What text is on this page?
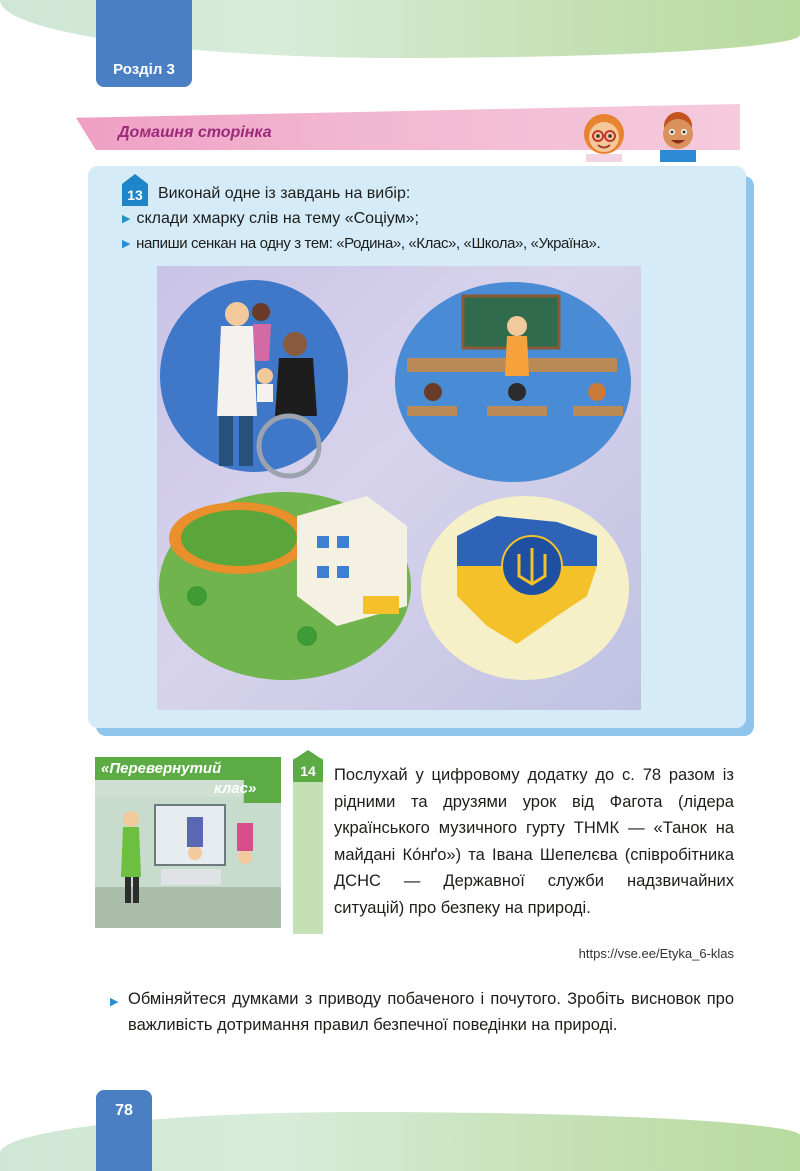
Розділ 3
Домашня сторінка
13 Виконай одне із завдань на вибір:
▶ склади хмарку слів на тему «Соціум»;
▶ напиши сенкан на одну з тем: «Родина», «Клас», «Школа», «Україна».
«Перевернутий
клас»
14	Послухай у цифровому додатку до с. 78 разом із рідними та друзями урок від Фагота (лідера українського музичного гурту ТНМК — «Танок на майдані Ко́нґо») та Івана Шепелєва (співробітника ДСНС — Державної служби надзвичайних ситуацій) про безпеку на природі.

https://vse.ee/Etyka_6-klas
▶ Обміняйтеся думками з приводу побаченого і почутого. Зробіть висновок про важливість дотримання правил безпечної поведінки на природі.
78
